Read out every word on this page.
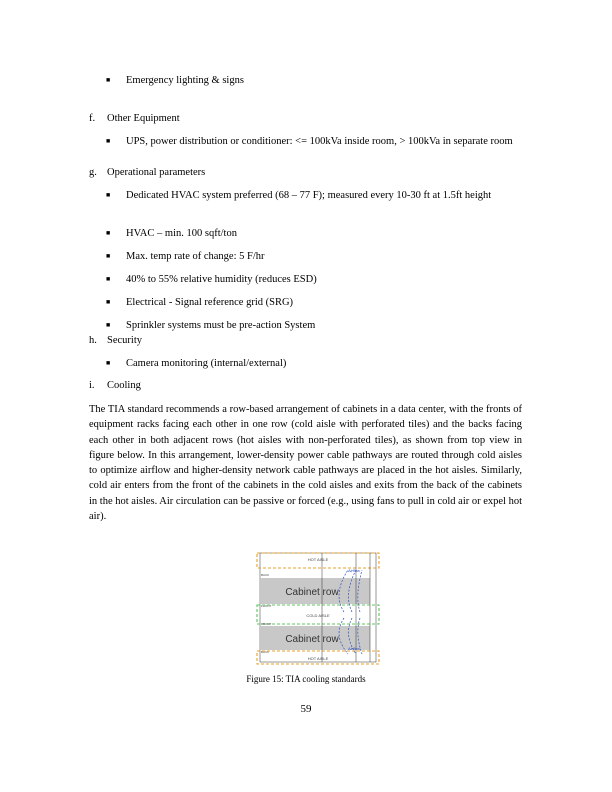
■ Emergency lighting & signs
f. Other Equipment
■ UPS, power distribution or conditioner: <= 100kVa inside room, > 100kVa in separate room
g. Operational parameters
■ Dedicated HVAC system preferred (68 – 77 F); measured every 10-30 ft at 1.5ft height
■ HVAC – min. 100 sqft/ton
■ Max. temp rate of change: 5 F/hr
■ 40% to 55% relative humidity (reduces ESD)
■ Electrical - Signal reference grid (SRG)
■ Sprinkler systems must be pre-action System
h. Security
■ Camera monitoring (internal/external)
i. Cooling
The TIA standard recommends a row-based arrangement of cabinets in a data center, with the fronts of equipment racks facing each other in one row (cold aisle with perforated tiles) and the backs facing each other in both adjacent rows (hot aisles with non-perforated tiles), as shown from top view in figure below. In this arrangement, lower-density power cable pathways are routed through cold aisles to optimize airflow and higher-density network cable pathways are placed in the hot aisles. Similarly, cold air enters from the front of the cabinets in the cold aisles and exits from the back of the cabinets in the hot aisles. Air circulation can be passive or forced (e.g., using fans to pull in cold air or expel hot air).
HOT AISLE
Cabinet row
BACK
FRONT
COLD AISLE
Cabinet row
FRONT
BACK
HOT AISLE
Airflow
Airflow
Figure 15: TIA cooling standards
59
